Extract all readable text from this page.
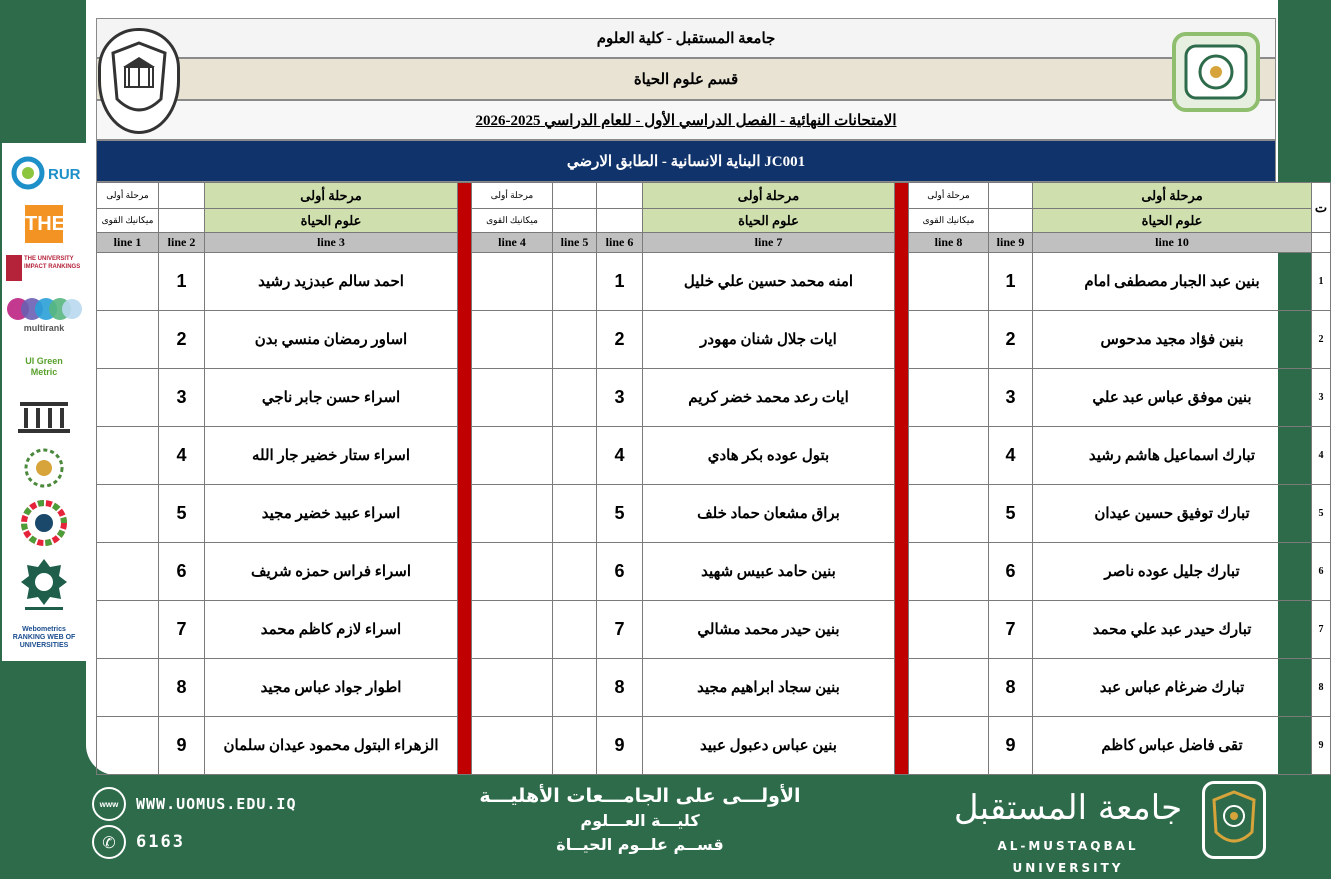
RUR
THE
THE UNIVERSITY IMPACT RANKINGS
multirank
UI Green Metric
Webometrics RANKING WEB OF UNIVERSITIES
جامعة المستقبل - كلية العلوم
قسم علوم الحياة
الامتحانات النهائية - الفصل الدراسي الأول - للعام الدراسي 2025-2026
البناية الانسانية - الطابق الارضي JC001
مرحلة أولى		مرحلة أولى		مرحلة أولى			مرحلة أولى		مرحلة أولى		مرحلة أولى	ت
ميكانيك القوى		علوم الحياة		ميكانيك القوى			علوم الحياة		ميكانيك القوى		علوم الحياة	
line 1	line 2	line 3		line 4	line 5	line 6	line 7		line 8	line 9	line 10	
	1	احمد سالم عبدزيد رشيد				1	امنه محمد حسين علي خليل			1	بنين عبد الجبار مصطفى امام	1
	2	اساور رمضان منسي بدن				2	ايات جلال شنان مهودر			2	بنين فؤاد مجيد مدحوس	2
	3	اسراء حسن جابر ناجي				3	ايات رعد محمد خضر كريم			3	بنين موفق عباس عبد علي	3
	4	اسراء ستار خضير جار الله				4	بتول عوده بكر هادي			4	تبارك اسماعيل هاشم رشيد	4
	5	اسراء عبيد خضير مجيد				5	براق مشعان حماد خلف			5	تبارك توفيق حسين عيدان	5
	6	اسراء فراس حمزه شريف				6	بنين حامد عبيس شهيد			6	تبارك جليل عوده ناصر	6
	7	اسراء لازم كاظم محمد				7	بنين حيدر محمد مشالي			7	تبارك حيدر عبد علي محمد	7
	8	اطوار جواد عباس مجيد				8	بنين سجاد ابراهيم مجيد			8	تبارك ضرغام عباس عبد	8
	9	الزهراء البتول محمود عيدان سلمان				9	بنين عباس دعبول عبيد			9	تقى فاضل عباس كاظم	9
www	WWW.UOMUS.EDU.IQ
✆	6163
الأولـــى على الجامـــعات الأهليـــة
كليـــة العـــلوم
قســم علــوم الحيــاة
جامعة المستقبل
AL-MUSTAQBAL UNIVERSITY
